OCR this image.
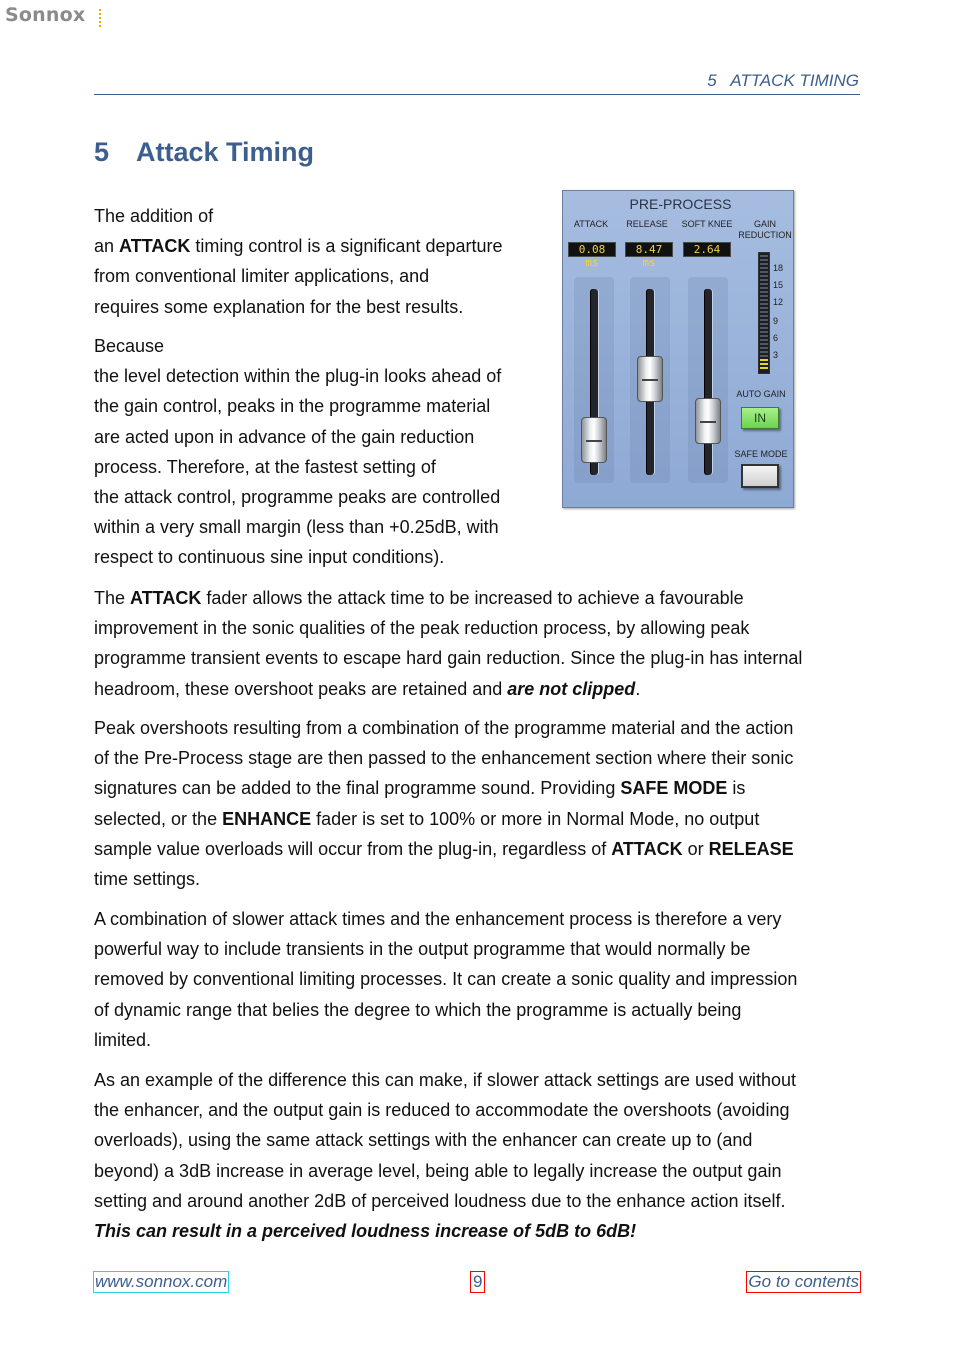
Sonnox
5   ATTACK TIMING
5 Attack Timing

The addition of
an ATTACK timing control is a significant departure
from conventional limiter applications, and
requires some explanation for the best results.

Because
the level detection within the plug-in looks ahead of
the gain control, peaks in the programme material
are acted upon in advance of the gain reduction
process. Therefore, at the fastest setting of
the attack control, programme peaks are controlled
within a very small margin (less than +0.25dB, with
respect to continuous sine input conditions).

PRE-PROCESS
ATTACK	RELEASE	SOFT KNEE	GAIN
REDUCTION
0.08 ms
8.47 ms
2.64
18
15
12
9
6
3
AUTO GAIN
IN
SAFE MODE

The ATTACK fader allows the attack time to be increased to achieve a favourable
improvement in the sonic qualities of the peak reduction process, by allowing peak
programme transient events to escape hard gain reduction. Since the plug-in has internal
headroom, these overshoot peaks are retained and are not clipped.

Peak overshoots resulting from a combination of the programme material and the action
of the Pre-Process stage are then passed to the enhancement section where their sonic
signatures can be added to the final programme sound. Providing SAFE MODE is
selected, or the ENHANCE fader is set to 100% or more in Normal Mode, no output
sample value overloads will occur from the plug-in, regardless of ATTACK or RELEASE
time settings.

A combination of slower attack times and the enhancement process is therefore a very
powerful way to include transients in the output programme that would normally be
removed by conventional limiting processes. It can create a sonic quality and impression
of dynamic range that belies the degree to which the programme is actually being
limited.

As an example of the difference this can make, if slower attack settings are used without
the enhancer, and the output gain is reduced to accommodate the overshoots (avoiding
overloads), using the same attack settings with the enhancer can create up to (and
beyond) a 3dB increase in average level, being able to legally increase the output gain
setting and around another 2dB of perceived loudness due to the enhance action itself.
This can result in a perceived loudness increase of 5dB to 6dB!

www.sonnox.com	9	Go to contents
